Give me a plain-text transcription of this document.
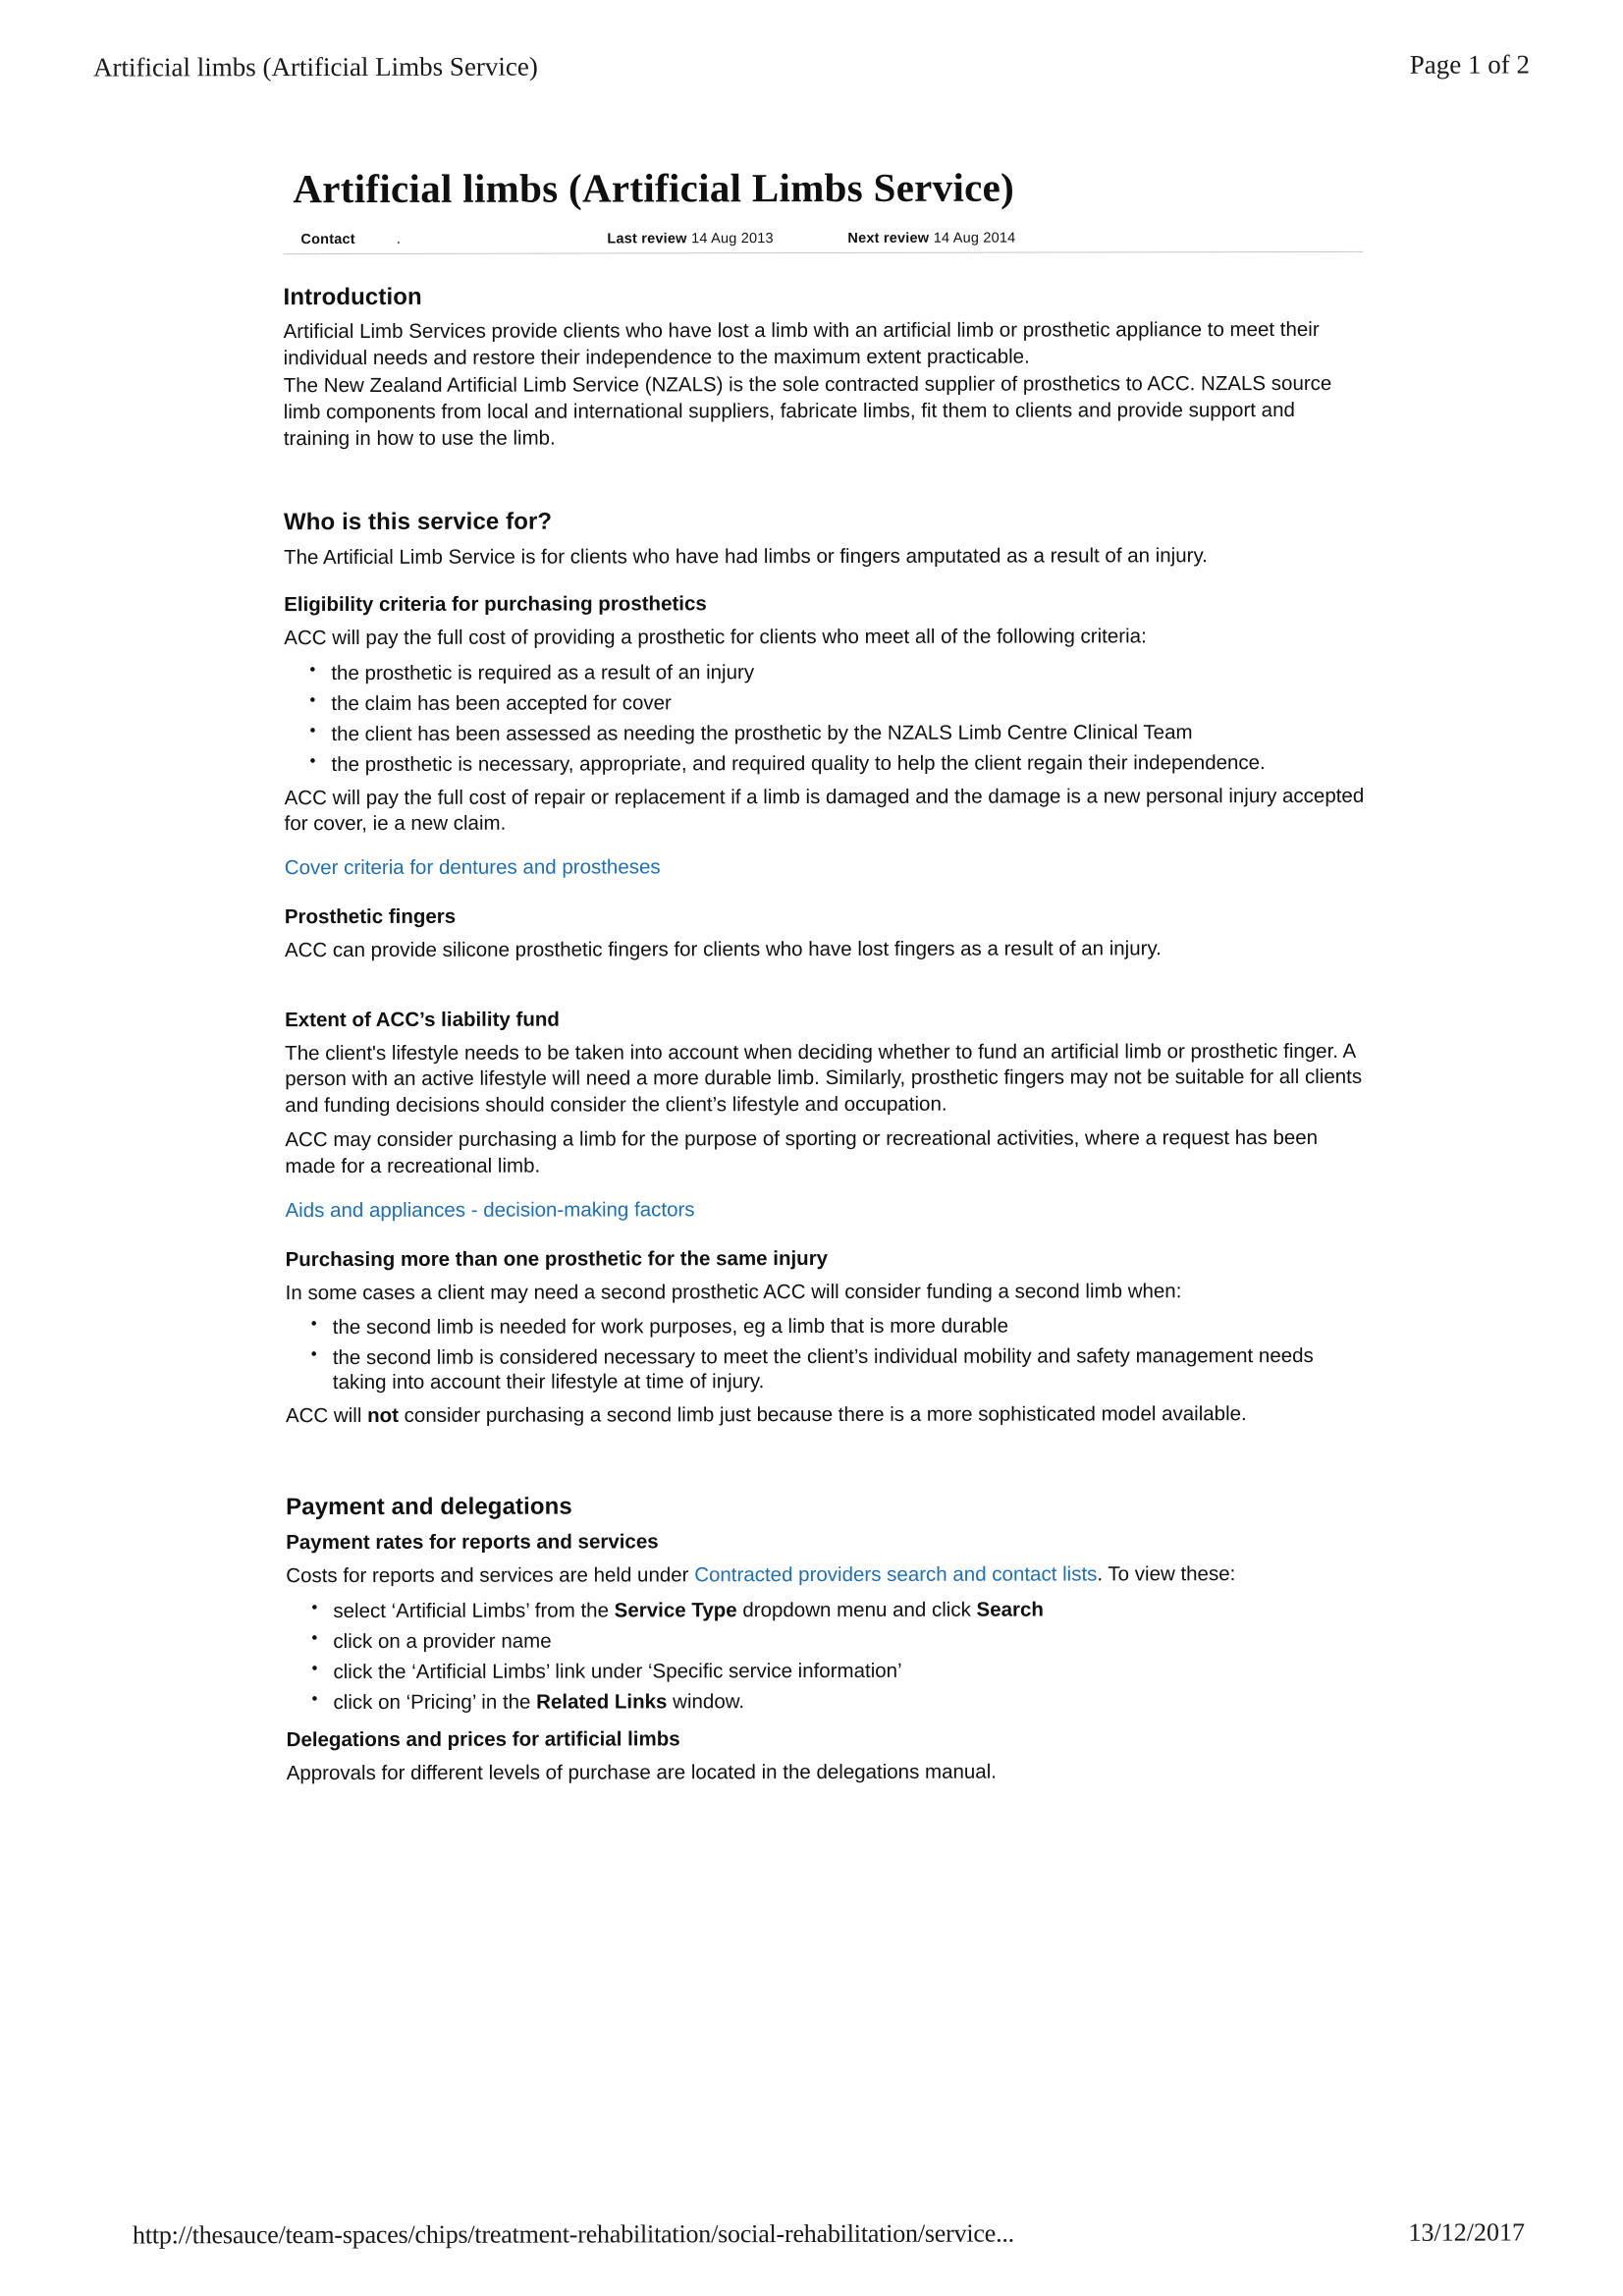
Artificial limbs (Artificial Limbs Service)	Page 1 of 2
Artificial limbs (Artificial Limbs Service)
Contact	.	Last review 14 Aug 2013	Next review 14 Aug 2014
Introduction

Artificial Limb Services provide clients who have lost a limb with an artificial limb or prosthetic appliance to meet their individual needs and restore their independence to the maximum extent practicable.

The New Zealand Artificial Limb Service (NZALS) is the sole contracted supplier of prosthetics to ACC. NZALS source limb components from local and international suppliers, fabricate limbs, fit them to clients and provide support and training in how to use the limb.

Who is this service for?

The Artificial Limb Service is for clients who have had limbs or fingers amputated as a result of an injury.

Eligibility criteria for purchasing prosthetics

ACC will pay the full cost of providing a prosthetic for clients who meet all of the following criteria:

• the prosthetic is required as a result of an injury
• the claim has been accepted for cover
• the client has been assessed as needing the prosthetic by the NZALS Limb Centre Clinical Team
• the prosthetic is necessary, appropriate, and required quality to help the client regain their independence.

ACC will pay the full cost of repair or replacement if a limb is damaged and the damage is a new personal injury accepted for cover, ie a new claim.

Cover criteria for dentures and prostheses
Prosthetic fingers

ACC can provide silicone prosthetic fingers for clients who have lost fingers as a result of an injury.

Extent of ACC’s liability fund

The client's lifestyle needs to be taken into account when deciding whether to fund an artificial limb or prosthetic finger. A person with an active lifestyle will need a more durable limb. Similarly, prosthetic fingers may not be suitable for all clients and funding decisions should consider the client’s lifestyle and occupation.

ACC may consider purchasing a limb for the purpose of sporting or recreational activities, where a request has been made for a recreational limb.

Aids and appliances - decision-making factors
Purchasing more than one prosthetic for the same injury

In some cases a client may need a second prosthetic ACC will consider funding a second limb when:

• the second limb is needed for work purposes, eg a limb that is more durable
• the second limb is considered necessary to meet the client’s individual mobility and safety management needs taking into account their lifestyle at time of injury.

ACC will not consider purchasing a second limb just because there is a more sophisticated model available.

Payment and delegations
Payment rates for reports and services

Costs for reports and services are held under Contracted providers search and contact lists. To view these:

• select ‘Artificial Limbs’ from the Service Type dropdown menu and click Search
• click on a provider name
• click the ‘Artificial Limbs’ link under ‘Specific service information’
• click on ‘Pricing’ in the Related Links window.
Delegations and prices for artificial limbs

Approvals for different levels of purchase are located in the delegations manual.

http://thesauce/team-spaces/chips/treatment-rehabilitation/social-rehabilitation/service...	13/12/2017
